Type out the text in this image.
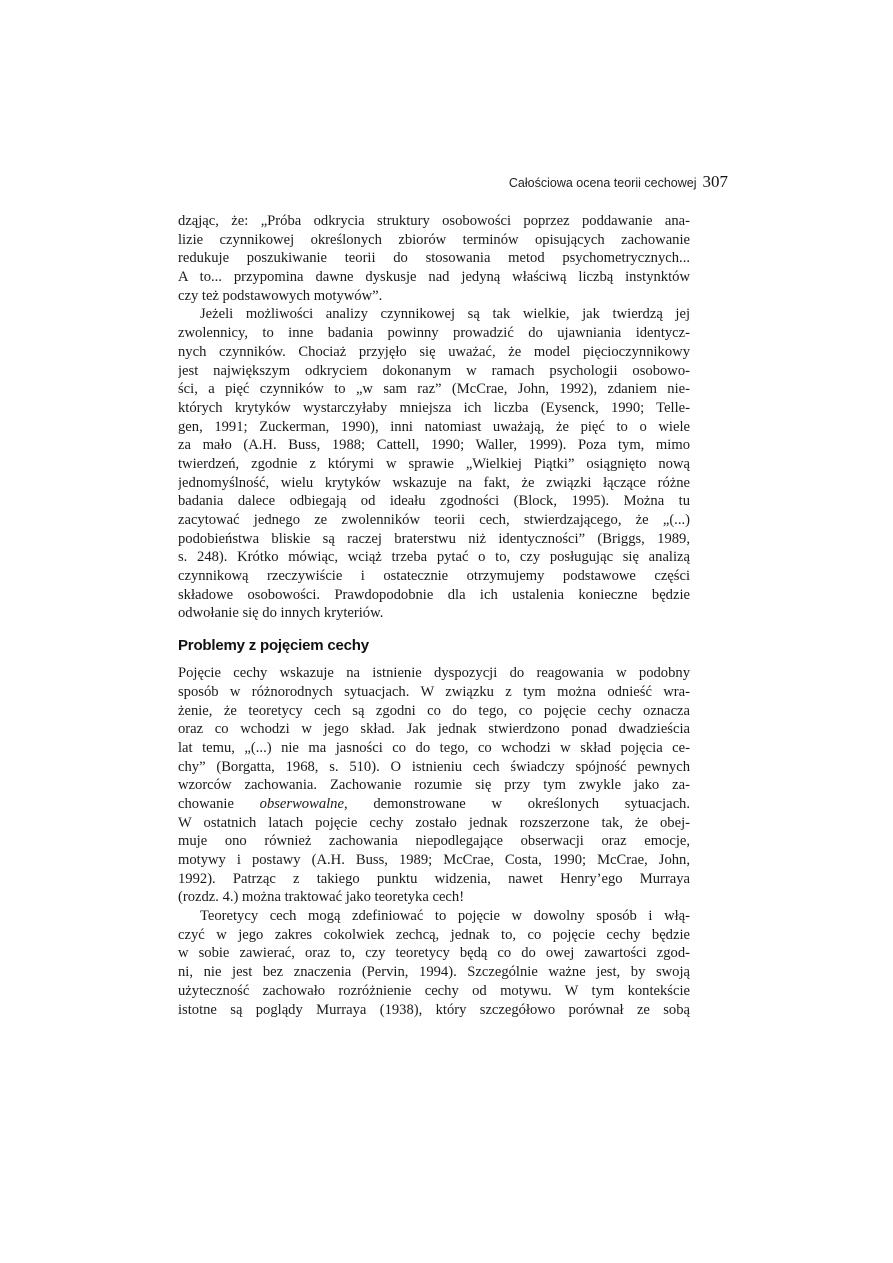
Całościowa ocena teorii cechowej 307
dząjąc, że: „Próba odkrycia struktury osobowości poprzez poddawanie ana-
lizie czynnikowej określonych zbiorów terminów opisujących zachowanie
redukuje poszukiwanie teorii do stosowania metod psychometrycznych...
A to... przypomina dawne dyskusje nad jedyną właściwą liczbą instynktów
czy też podstawowych motywów”.
Jeżeli możliwości analizy czynnikowej są tak wielkie, jak twierdzą jej
zwolennicy, to inne badania powinny prowadzić do ujawniania identycz-
nych czynników. Chociaż przyjęło się uważać, że model pięcioczynnikowy
jest największym odkryciem dokonanym w ramach psychologii osobowo-
ści, a pięć czynników to „w sam raz” (McCrae, John, 1992), zdaniem nie-
których krytyków wystarczyłaby mniejsza ich liczba (Eysenck, 1990; Telle-
gen, 1991; Zuckerman, 1990), inni natomiast uważają, że pięć to o wiele
za mało (A.H. Buss, 1988; Cattell, 1990; Waller, 1999). Poza tym, mimo
twierdzeń, zgodnie z którymi w sprawie „Wielkiej Piątki” osiągnięto nową
jednomyślność, wielu krytyków wskazuje na fakt, że związki łączące różne
badania dalece odbiegają od ideału zgodności (Block, 1995). Można tu
zacytować jednego ze zwolenników teorii cech, stwierdzającego, że „(...)
podobieństwa bliskie są raczej braterstwu niż identyczności” (Briggs, 1989,
s. 248). Krótko mówiąc, wciąż trzeba pytać o to, czy posługując się analizą
czynnikową rzeczywiście i ostatecznie otrzymujemy podstawowe części
składowe osobowości. Prawdopodobnie dla ich ustalenia konieczne będzie
odwołanie się do innych kryteriów.
Problemy z pojęciem cechy
Pojęcie cechy wskazuje na istnienie dyspozycji do reagowania w podobny
sposób w różnorodnych sytuacjach. W związku z tym można odnieść wra-
żenie, że teoretycy cech są zgodni co do tego, co pojęcie cechy oznacza
oraz co wchodzi w jego skład. Jak jednak stwierdzono ponad dwadzieścia
lat temu, „(...) nie ma jasności co do tego, co wchodzi w skład pojęcia ce-
chy” (Borgatta, 1968, s. 510). O istnieniu cech świadczy spójność pewnych
wzorców zachowania. Zachowanie rozumie się przy tym zwykle jako za-
chowanie obserwowalne, demonstrowane w określonych sytuacjach.
W ostatnich latach pojęcie cechy zostało jednak rozszerzone tak, że obej-
muje ono również zachowania niepodlegające obserwacji oraz emocje,
motywy i postawy (A.H. Buss, 1989; McCrae, Costa, 1990; McCrae, John,
1992). Patrząc z takiego punktu widzenia, nawet Henry’ego Murraya
(rozdz. 4.) można traktować jako teoretyka cech!
Teoretycy cech mogą zdefiniować to pojęcie w dowolny sposób i włą-
czyć w jego zakres cokolwiek zechcą, jednak to, co pojęcie cechy będzie
w sobie zawierać, oraz to, czy teoretycy będą co do owej zawartości zgod-
ni, nie jest bez znaczenia (Pervin, 1994). Szczególnie ważne jest, by swoją
użyteczność zachowało rozróżnienie cechy od motywu. W tym kontekście
istotne są poglądy Murraya (1938), który szczegółowo porównał ze sobą
